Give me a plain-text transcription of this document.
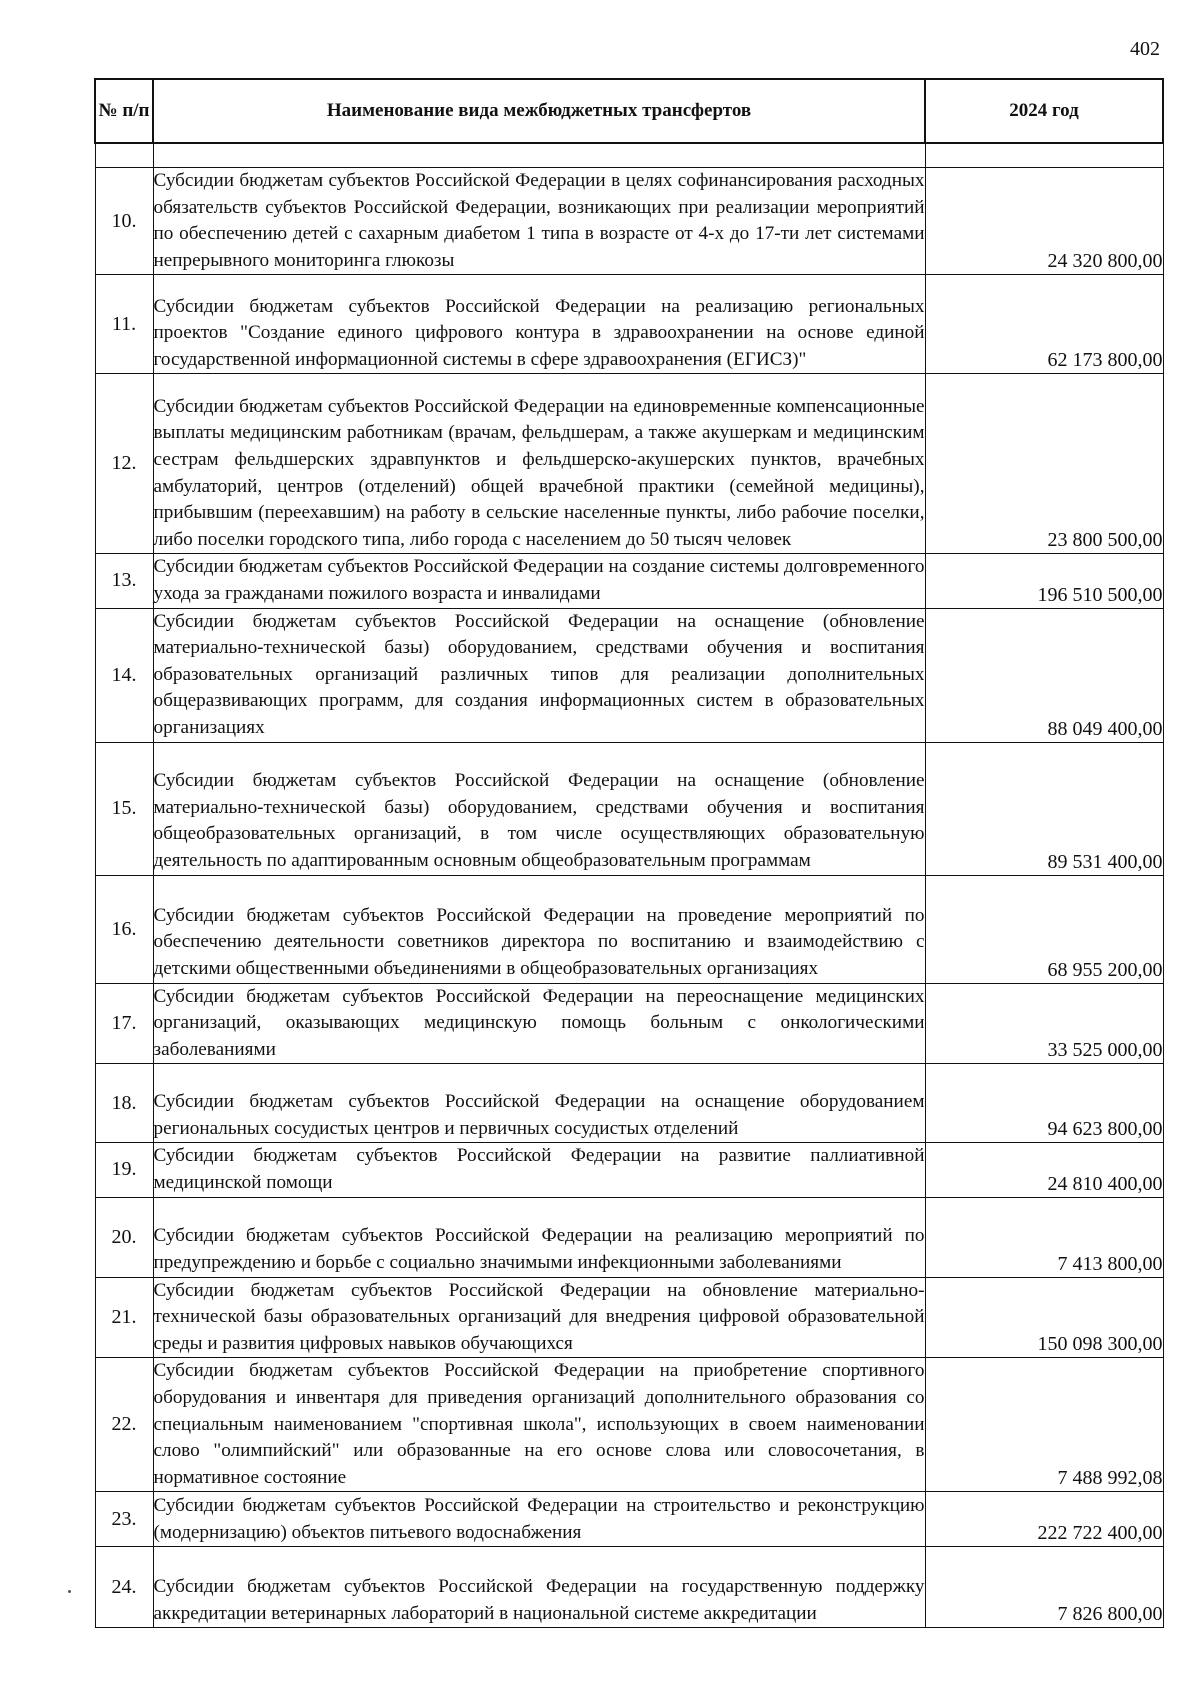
402
№ п/п	Наименование вида межбюджетных трансфертов	2024 год

10.	Субсидии бюджетам субъектов Российской Федерации в целях софинансирования расходных обязательств субъектов Российской Федерации, возникающих при реализации мероприятий по обеспечению детей с сахарным диабетом 1 типа в возрасте от 4-х до 17-ти лет системами непрерывного мониторинга глюкозы	24 320 800,00
11.	Субсидии бюджетам субъектов Российской Федерации на реализацию региональных проектов "Создание единого цифрового контура в здравоохранении на основе единой государственной информационной системы в сфере здравоохранения (ЕГИСЗ)"	62 173 800,00
12.	Субсидии бюджетам субъектов Российской Федерации на единовременные компенсационные выплаты медицинским работникам (врачам, фельдшерам, а также акушеркам и медицинским сестрам фельдшерских здравпунктов и фельдшерско-акушерских пунктов, врачебных амбулаторий, центров (отделений) общей врачебной практики (семейной медицины), прибывшим (переехавшим) на работу в сельские населенные пункты, либо рабочие поселки, либо поселки городского типа, либо города с населением до 50 тысяч человек	23 800 500,00
13.	Субсидии бюджетам субъектов Российской Федерации на создание системы долговременного ухода за гражданами пожилого возраста и инвалидами	196 510 500,00
14.	Субсидии бюджетам субъектов Российской Федерации на оснащение (обновление материально-технической базы) оборудованием, средствами обучения и воспитания образовательных организаций различных типов для реализации дополнительных общеразвивающих программ, для создания информационных систем в образовательных организациях	88 049 400,00
15.	Субсидии бюджетам субъектов Российской Федерации на оснащение (обновление материально-технической базы) оборудованием, средствами обучения и воспитания общеобразовательных организаций, в том числе осуществляющих образовательную деятельность по адаптированным основным общеобразовательным программам	89 531 400,00
16.	Субсидии бюджетам субъектов Российской Федерации на проведение мероприятий по обеспечению деятельности советников директора по воспитанию и взаимодействию с детскими общественными объединениями в общеобразовательных организациях	68 955 200,00
17.	Субсидии бюджетам субъектов Российской Федерации на переоснащение медицинских организаций, оказывающих медицинскую помощь больным с онкологическими заболеваниями	33 525 000,00
18.	Субсидии бюджетам субъектов Российской Федерации на оснащение оборудованием региональных сосудистых центров и первичных сосудистых отделений	94 623 800,00
19.	Субсидии бюджетам субъектов Российской Федерации на развитие паллиативной медицинской помощи	24 810 400,00
20.	Субсидии бюджетам субъектов Российской Федерации на реализацию мероприятий по предупреждению и борьбе с социально значимыми инфекционными заболеваниями	7 413 800,00
21.	Субсидии бюджетам субъектов Российской Федерации на обновление материально-технической базы образовательных организаций для внедрения цифровой образовательной среды и развития цифровых навыков обучающихся	150 098 300,00
22.	Субсидии бюджетам субъектов Российской Федерации на приобретение спортивного оборудования и инвентаря для приведения организаций дополнительного образования со специальным наименованием "спортивная школа", использующих в своем наименовании слово "олимпийский" или образованные на его основе слова или словосочетания, в нормативное состояние	7 488 992,08
23.	Субсидии бюджетам субъектов Российской Федерации на строительство и реконструкцию (модернизацию) объектов питьевого водоснабжения	222 722 400,00
24.	Субсидии бюджетам субъектов Российской Федерации на государственную поддержку аккредитации ветеринарных лабораторий в национальной системе аккредитации	7 826 800,00
